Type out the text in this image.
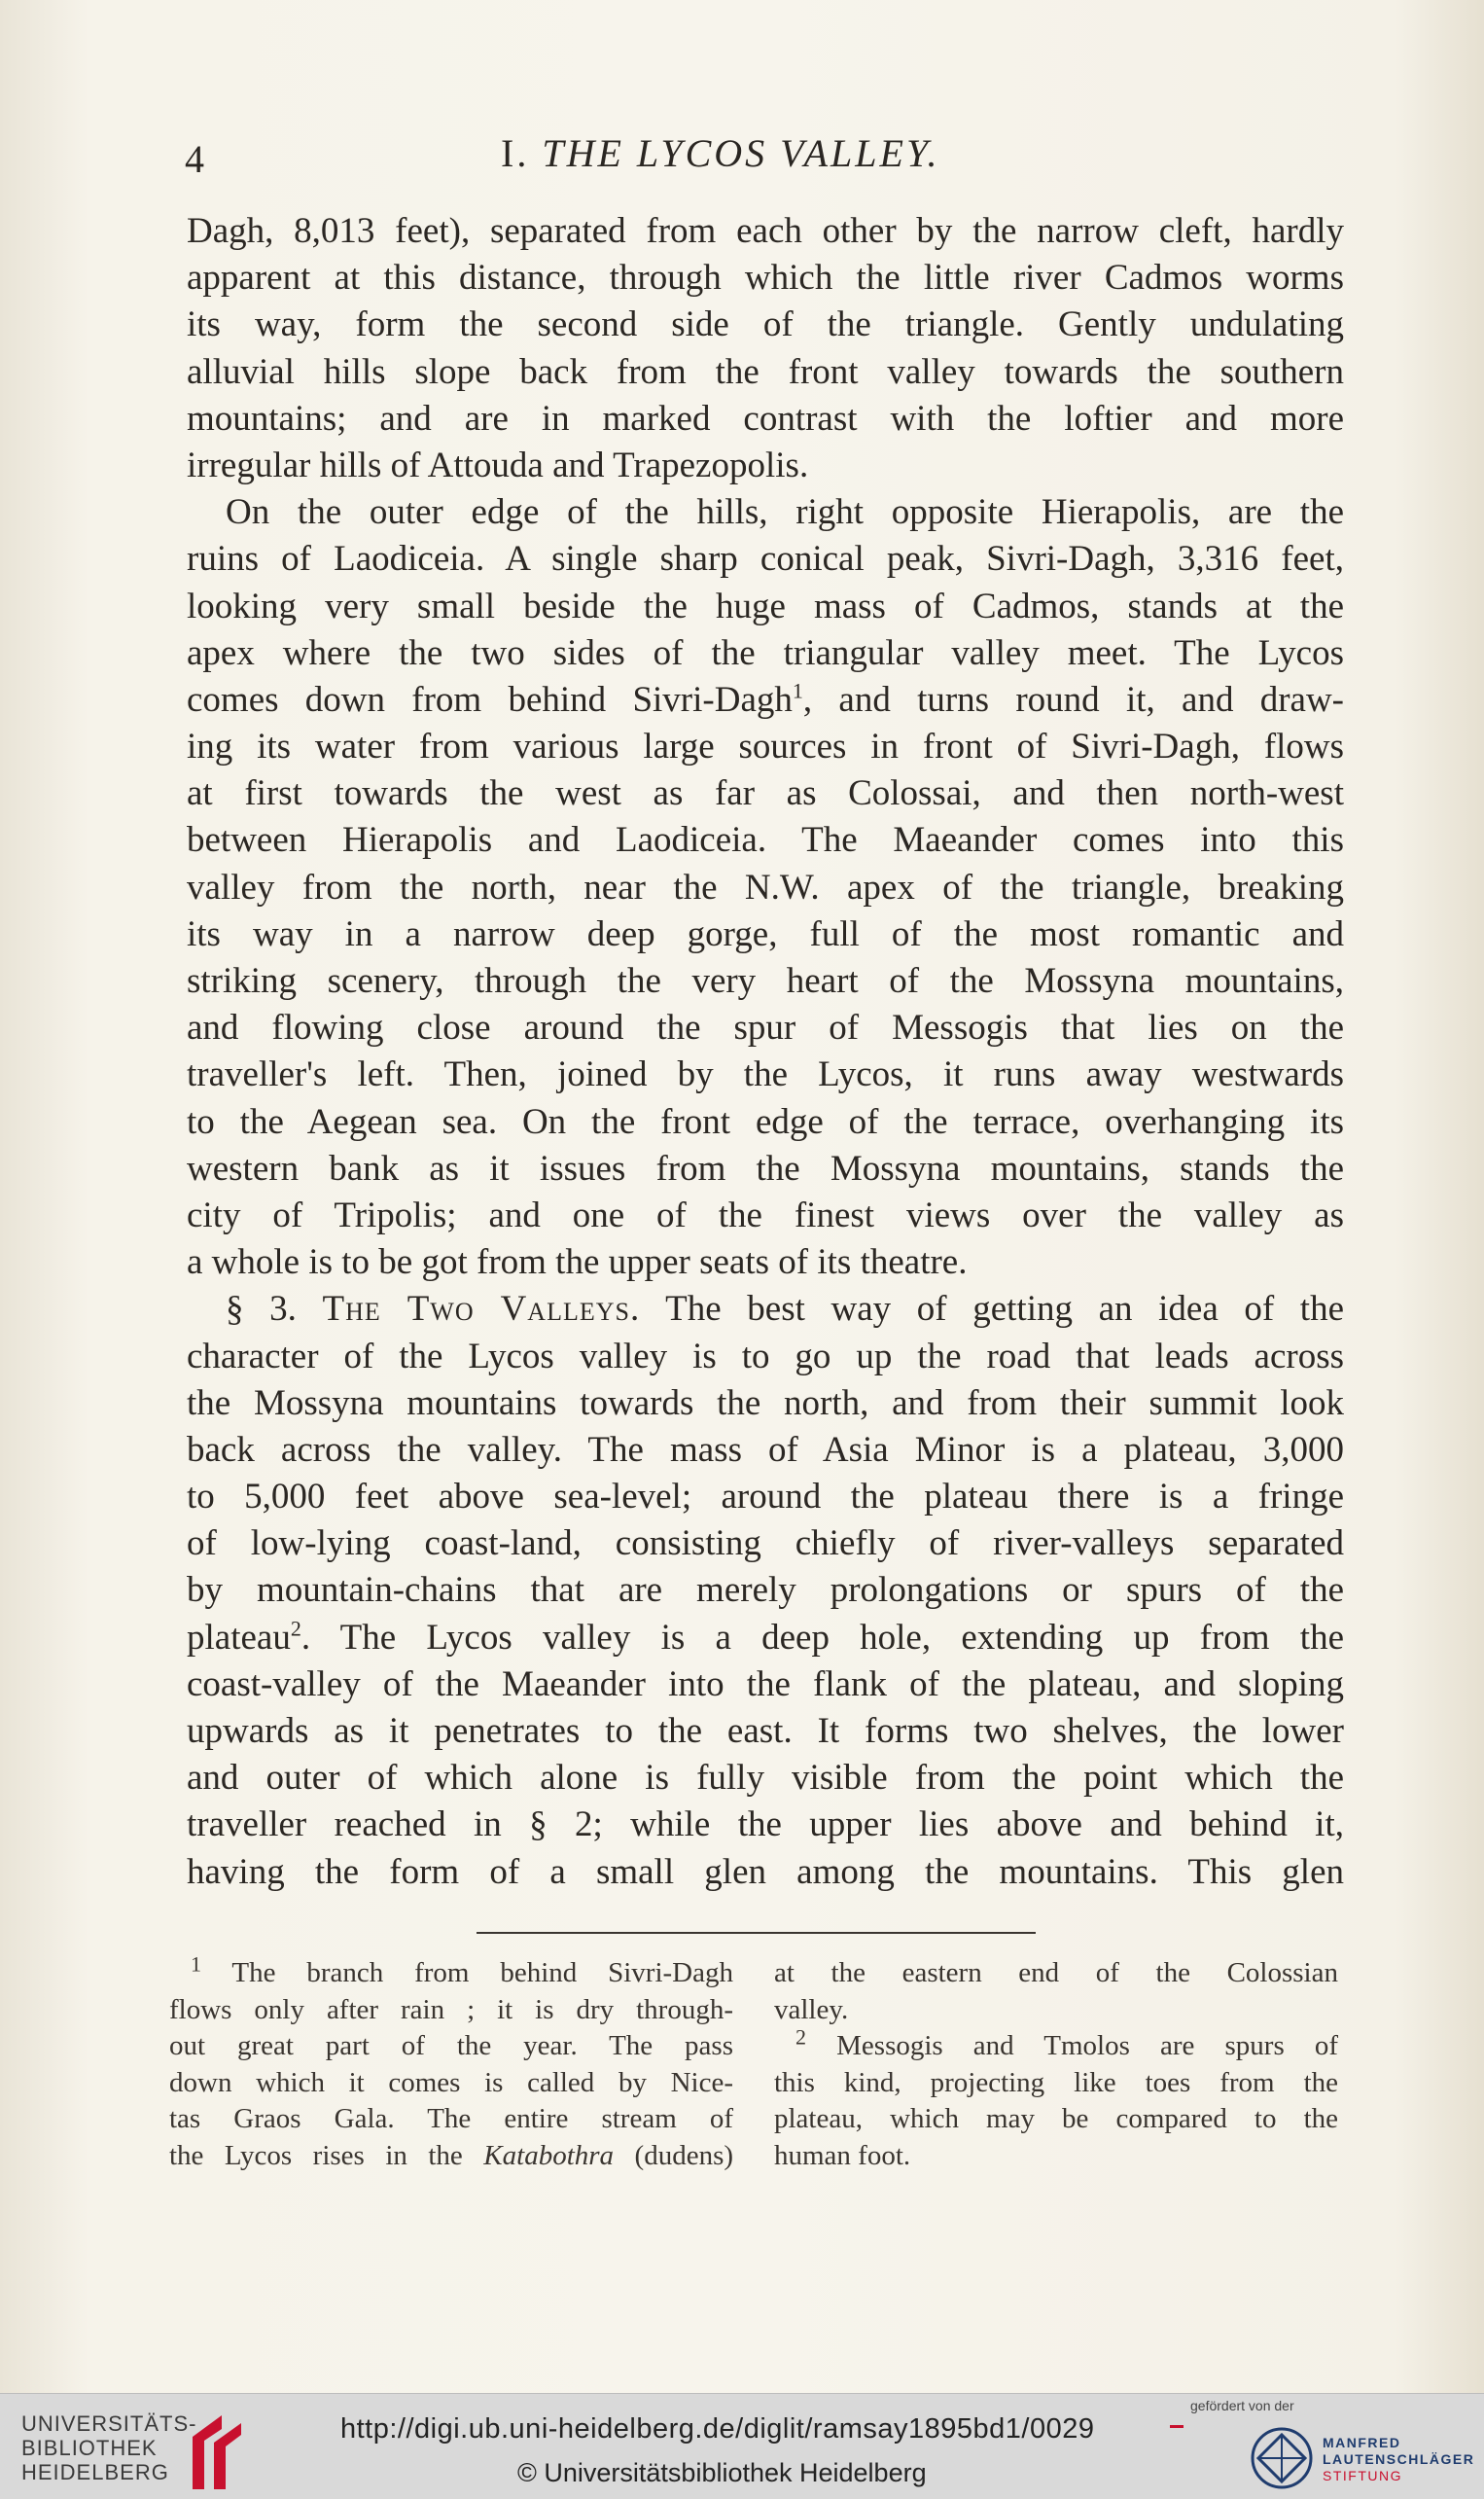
4	I. THE LYCOS VALLEY.
Dagh, 8,013 feet), separated from each other by the narrow cleft, hardly
apparent at this distance, through which the little river Cadmos worms
its way, form the second side of the triangle. Gently undulating
alluvial hills slope back from the front valley towards the southern
mountains; and are in marked contrast with the loftier and more
irregular hills of Attouda and Trapezopolis.
On the outer edge of the hills, right opposite Hierapolis, are the
ruins of Laodiceia. A single sharp conical peak, Sivri-Dagh, 3,316 feet,
looking very small beside the huge mass of Cadmos, stands at the
apex where the two sides of the triangular valley meet. The Lycos
comes down from behind Sivri-Dagh$^1$, and turns round it, and draw-
ing its water from various large sources in front of Sivri-Dagh, flows
at first towards the west as far as Colossai, and then north-west
between Hierapolis and Laodiceia. The Maeander comes into this
valley from the north, near the N.W. apex of the triangle, breaking
its way in a narrow deep gorge, full of the most romantic and
striking scenery, through the very heart of the Mossyna mountains,
and flowing close around the spur of Messogis that lies on the
traveller's left. Then, joined by the Lycos, it runs away westwards
to the Aegean sea. On the front edge of the terrace, overhanging its
western bank as it issues from the Mossyna mountains, stands the
city of Tripolis; and one of the finest views over the valley as
a whole is to be got from the upper seats of its theatre.
§ 3. The Two Valleys. The best way of getting an idea of the
character of the Lycos valley is to go up the road that leads across
the Mossyna mountains towards the north, and from their summit look
back across the valley. The mass of Asia Minor is a plateau, 3,000
to 5,000 feet above sea-level; around the plateau there is a fringe
of low-lying coast-land, consisting chiefly of river-valleys separated
by mountain-chains that are merely prolongations or spurs of the
plateau$^2$. The Lycos valley is a deep hole, extending up from the
coast-valley of the Maeander into the flank of the plateau, and sloping
upwards as it penetrates to the east. It forms two shelves, the lower
and outer of which alone is fully visible from the point which the
traveller reached in § 2; while the upper lies above and behind it,
having the form of a small glen among the mountains. This glen
$^1$ The branch from behind Sivri-Dagh
flows only after rain ; it is dry through-
out great part of the year. The pass
down which it comes is called by Nice-
tas Graos Gala. The entire stream of
the Lycos rises in the Katabothra (dudens)
at the eastern end of the Colossian
valley.
$^2$ Messogis and Tmolos are spurs of
this kind, projecting like toes from the
plateau, which may be compared to the
human foot.
UNIVERSITÄTS-
BIBLIOTHEK
HEIDELBERG
http://digi.ub.uni-heidelberg.de/diglit/ramsay1895bd1/0029
© Universitätsbibliothek Heidelberg
gefördert von der
MANFRED
LAUTENSCHLÄGER
STIFTUNG
